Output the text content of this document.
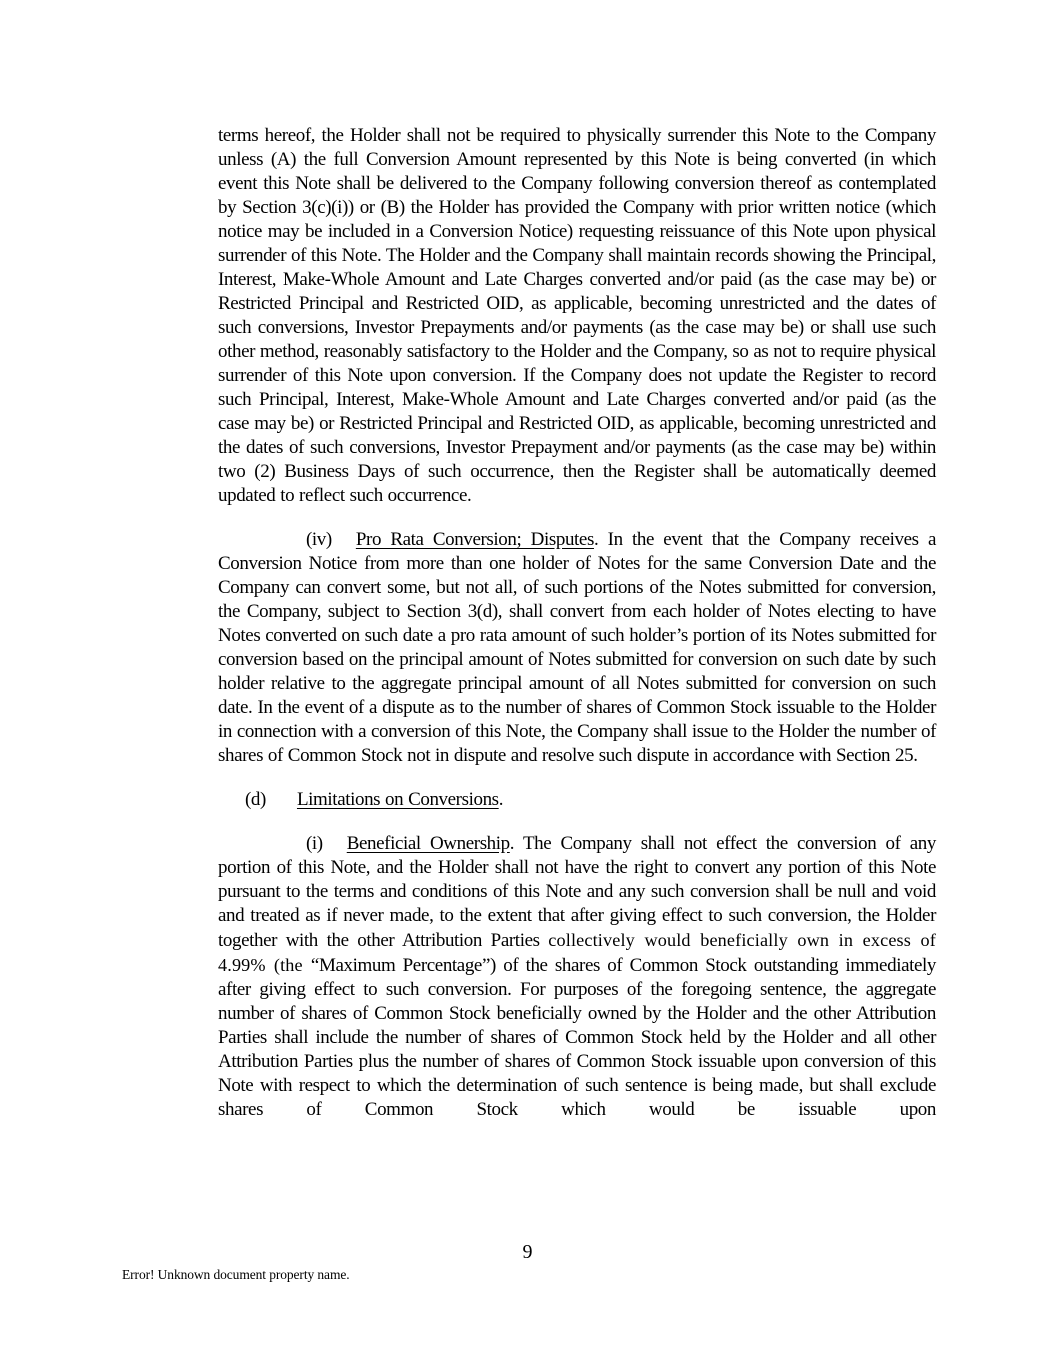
terms hereof, the Holder shall not be required to physically surrender this Note to the Company unless (A) the full Conversion Amount represented by this Note is being converted (in which event this Note shall be delivered to the Company following conversion thereof as contemplated by Section 3(c)(i)) or (B) the Holder has provided the Company with prior written notice (which notice may be included in a Conversion Notice) requesting reissuance of this Note upon physical surrender of this Note. The Holder and the Company shall maintain records showing the Principal, Interest, Make-Whole Amount and Late Charges converted and/or paid (as the case may be) or Restricted Principal and Restricted OID, as applicable, becoming unrestricted and the dates of such conversions, Investor Prepayments and/or payments (as the case may be) or shall use such other method, reasonably satisfactory to the Holder and the Company, so as not to require physical surrender of this Note upon conversion. If the Company does not update the Register to record such Principal, Interest, Make-Whole Amount and Late Charges converted and/or paid (as the case may be) or Restricted Principal and Restricted OID, as applicable, becoming unrestricted and the dates of such conversions, Investor Prepayment and/or payments (as the case may be) within two (2) Business Days of such occurrence, then the Register shall be automatically deemed updated to reflect such occurrence.

(iv) Pro Rata Conversion; Disputes. In the event that the Company receives a Conversion Notice from more than one holder of Notes for the same Conversion Date and the Company can convert some, but not all, of such portions of the Notes submitted for conversion, the Company, subject to Section 3(d), shall convert from each holder of Notes electing to have Notes converted on such date a pro rata amount of such holder’s portion of its Notes submitted for conversion based on the principal amount of Notes submitted for conversion on such date by such holder relative to the aggregate principal amount of all Notes submitted for conversion on such date. In the event of a dispute as to the number of shares of Common Stock issuable to the Holder in connection with a conversion of this Note, the Company shall issue to the Holder the number of shares of Common Stock not in dispute and resolve such dispute in accordance with Section 25.

(d) Limitations on Conversions.

(i) Beneficial Ownership. The Company shall not effect the conversion of any portion of this Note, and the Holder shall not have the right to convert any portion of this Note pursuant to the terms and conditions of this Note and any such conversion shall be null and void and treated as if never made, to the extent that after giving effect to such conversion, the Holder together with the other Attribution Parties collectively would beneficially own in excess of 4.99% (the “Maximum Percentage”) of the shares of Common Stock outstanding immediately after giving effect to such conversion. For purposes of the foregoing sentence, the aggregate number of shares of Common Stock beneficially owned by the Holder and the other Attribution Parties shall include the number of shares of Common Stock held by the Holder and all other Attribution Parties plus the number of shares of Common Stock issuable upon conversion of this Note with respect to which the determination of such sentence is being made, but shall exclude shares of Common Stock which would be issuable upon

9
Error! Unknown document property name.
